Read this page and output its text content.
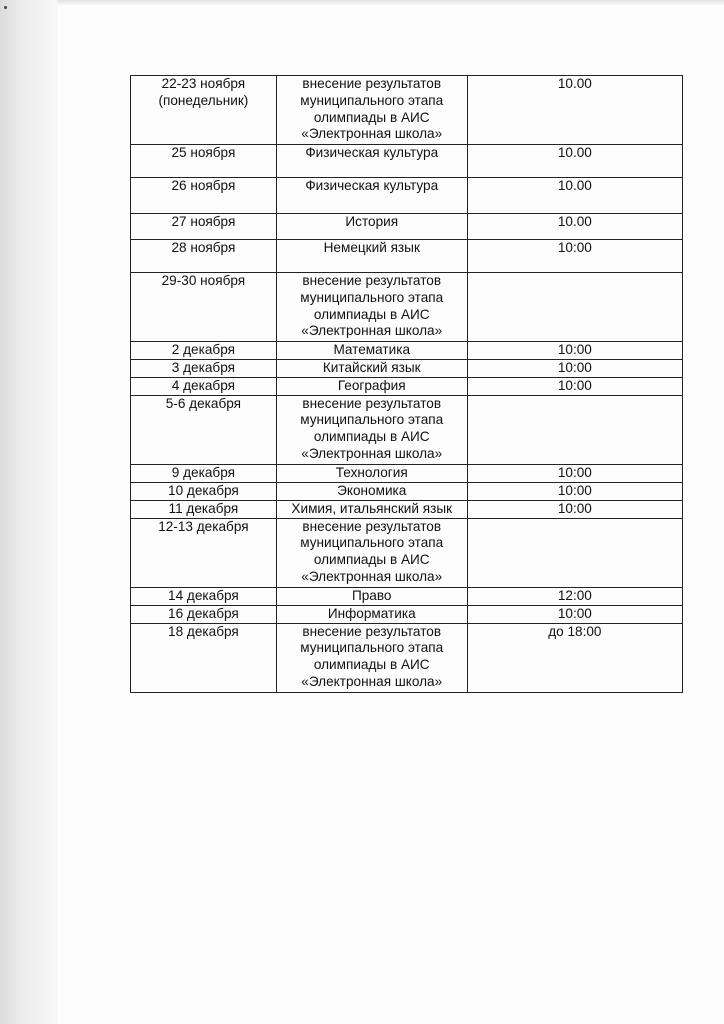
22-23 ноября
(понедельник)	внесение результатов муниципального этапа олимпиады в АИС «Электронная школа»	10.00
25 ноября	Физическая культура	10.00
26 ноября	Физическая культура	10.00
27 ноября	История	10.00
28 ноября	Немецкий язык	10:00
29-30 ноября	внесение результатов муниципального этапа олимпиады в АИС «Электронная школа»	

2 декабря	Математика	10:00
3 декабря	Китайский язык	10:00
4 декабря	География	10:00
5-6 декабря	внесение результатов муниципального этапа олимпиады в АИС «Электронная школа»	

9 декабря	Технология	10:00
10 декабря	Экономика	10:00
11 декабря	Химия, итальянский язык	10:00
12-13 декабря	внесение результатов муниципального этапа олимпиады в АИС «Электронная школа»	

14 декабря	Право	12:00
16 декабря	Информатика	10:00
18 декабря	внесение результатов муниципального этапа олимпиады в АИС «Электронная школа»	до 18:00
